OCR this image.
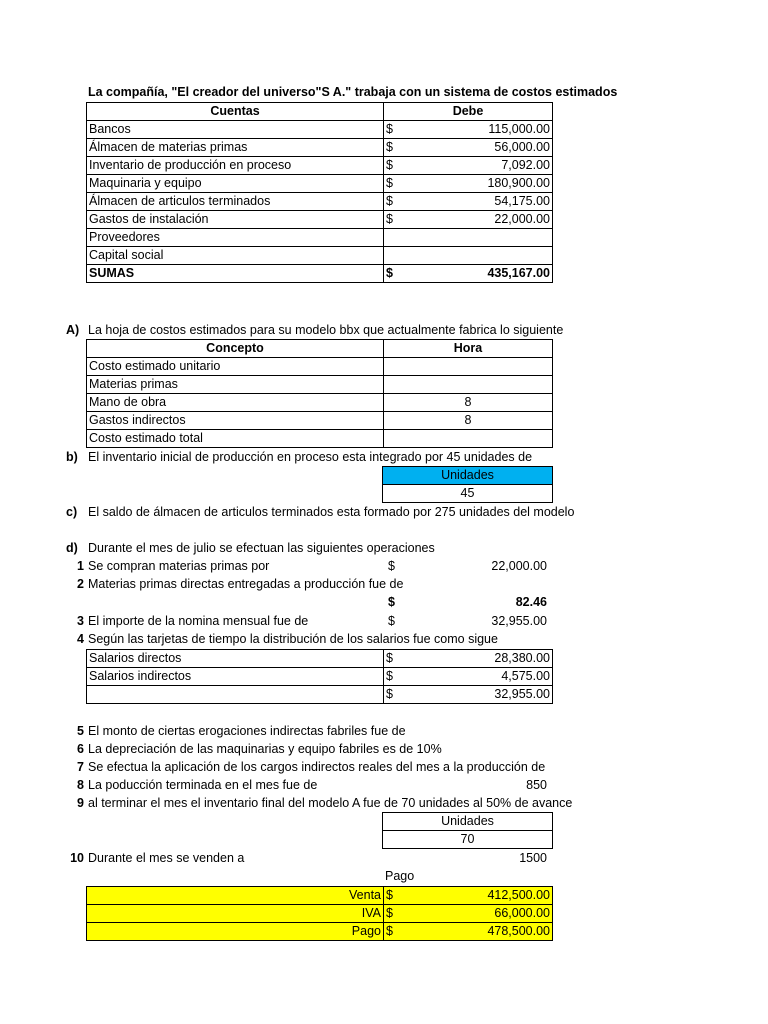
La compañía, "El creador del universo"S A." trabaja con un sistema de costos estimados
Cuentas	Debe
Bancos	$ 115,000.00

Álmacen de materias primas	$ 56,000.00

Inventario de producción en proceso	$ 7,092.00

Maquinaria y equipo	$ 180,900.00

Álmacen de articulos terminados	$ 54,175.00

Gastos de instalación	$ 22,000.00

Proveedores	

Capital social	

SUMAS	$ 435,167.00
A) La hoja de costos estimados para su modelo bbx que actualmente fabrica lo siguiente
Concepto	Hora
Costo estimado unitario	
Materias primas	
Mano de obra	8
Gastos indirectos	8
Costo estimado total	
b) El inventario inicial de producción en proceso esta integrado por 45 unidades de
Unidades
45
c) El saldo de álmacen de articulos terminados esta formado por 275 unidades del modelo
d) Durante el mes de julio se efectuan las siguientes operaciones
1 Se compran materias primas por	$	22,000.00
2 Materias primas directas entregadas a producción fue de
$	82.46
3 El importe de la nomina mensual fue de	$	32,955.00
4 Según las tarjetas de tiempo la distribución de los salarios fue como sigue
Salarios directos	$ 28,380.00

Salarios indirectos	$ 4,575.00

	$ 32,955.00
5 El monto de ciertas erogaciones indirectas fabriles fue de
6 La depreciación de las maquinarias y equipo fabriles es de 10%
7 Se efectua la aplicación de los cargos indirectos reales del mes a la producción de
8 La poducción terminada en el mes fue de	850
9 al terminar el mes el inventario final del modelo A fue de 70 unidades al 50% de avance
Unidades
70
10 Durante el mes se venden a	1500
Pago
Venta	$ 412,500.00

IVA	$ 66,000.00

Pago	$ 478,500.00
